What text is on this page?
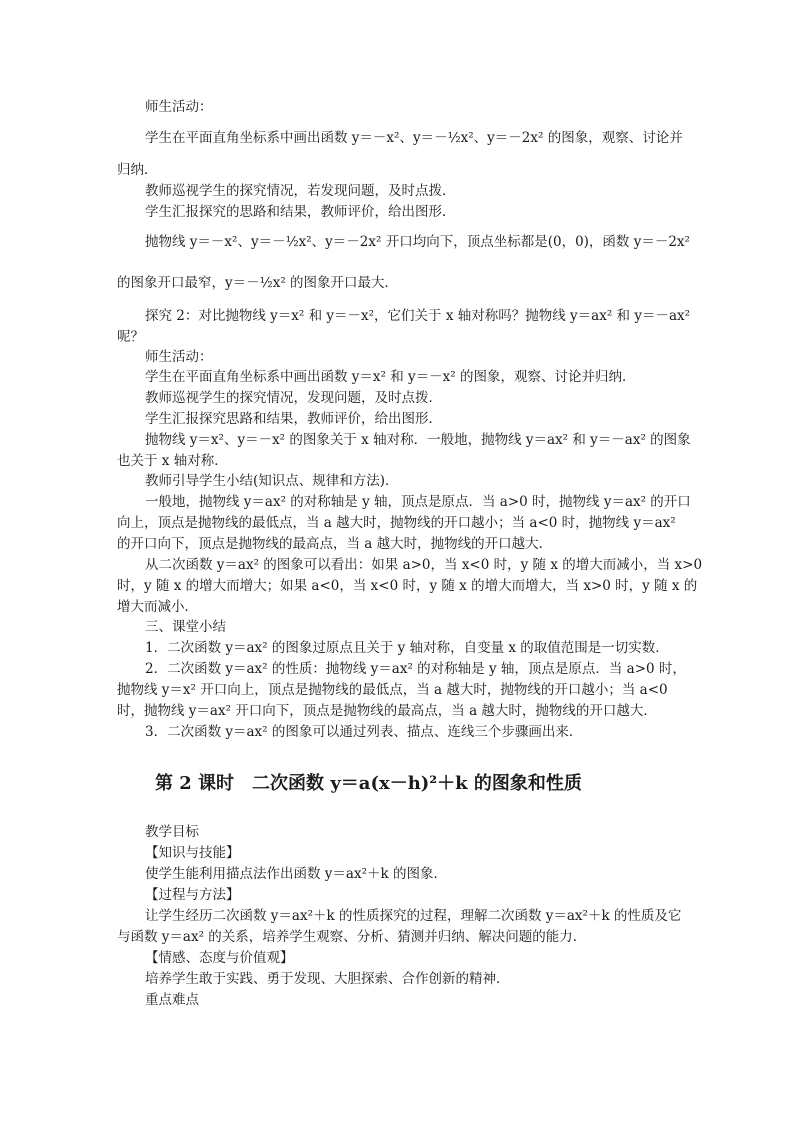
师生活动：
学生在平面直角坐标系中画出函数 y＝－x²、y＝－½x²、y＝－2x² 的图象，观察、讨论并
归纳．
教师巡视学生的探究情况，若发现问题，及时点拨．
学生汇报探究的思路和结果，教师评价，给出图形．
抛物线 y＝－x²、y＝－½x²、y＝－2x² 开口均向下，顶点坐标都是(0，0)，函数 y＝－2x²
的图象开口最窄，y＝－½x² 的图象开口最大．
探究 2：对比抛物线 y＝x² 和 y＝－x²，它们关于 x 轴对称吗？抛物线 y＝ax² 和 y＝－ax²
呢？
师生活动：
学生在平面直角坐标系中画出函数 y＝x² 和 y＝－x² 的图象，观察、讨论并归纳．
教师巡视学生的探究情况，发现问题，及时点拨．
学生汇报探究思路和结果，教师评价，给出图形．
抛物线 y＝x²、y＝－x² 的图象关于 x 轴对称．一般地，抛物线 y＝ax² 和 y＝－ax² 的图象
也关于 x 轴对称．
教师引导学生小结(知识点、规律和方法)．
一般地，抛物线 y＝ax² 的对称轴是 y 轴，顶点是原点．当 a>0 时，抛物线 y＝ax² 的开口
向上，顶点是抛物线的最低点，当 a 越大时，抛物线的开口越小；当 a<0 时，抛物线 y＝ax²
的开口向下，顶点是抛物线的最高点，当 a 越大时，抛物线的开口越大．
从二次函数 y＝ax² 的图象可以看出：如果 a>0，当 x<0 时，y 随 x 的增大而减小，当 x>0
时，y 随 x 的增大而增大；如果 a<0，当 x<0 时，y 随 x 的增大而增大，当 x>0 时，y 随 x 的
增大而减小．
三、课堂小结
1．二次函数 y＝ax² 的图象过原点且关于 y 轴对称，自变量 x 的取值范围是一切实数．
2．二次函数 y＝ax² 的性质：抛物线 y＝ax² 的对称轴是 y 轴，顶点是原点．当 a>0 时，
抛物线 y＝x² 开口向上，顶点是抛物线的最低点，当 a 越大时，抛物线的开口越小；当 a<0
时，抛物线 y＝ax² 开口向下，顶点是抛物线的最高点，当 a 越大时，抛物线的开口越大．
3．二次函数 y＝ax² 的图象可以通过列表、描点、连线三个步骤画出来．
教学目标
【知识与技能】
使学生能利用描点法作出函数 y＝ax²＋k 的图象．
【过程与方法】
让学生经历二次函数 y＝ax²＋k 的性质探究的过程，理解二次函数 y＝ax²＋k 的性质及它
与函数 y＝ax² 的关系，培养学生观察、分析、猜测并归纳、解决问题的能力．
【情感、态度与价值观】
培养学生敢于实践、勇于发现、大胆探索、合作创新的精神．
重点难点
第 2 课时　二次函数 y＝a(x－h)²＋k 的图象和性质
